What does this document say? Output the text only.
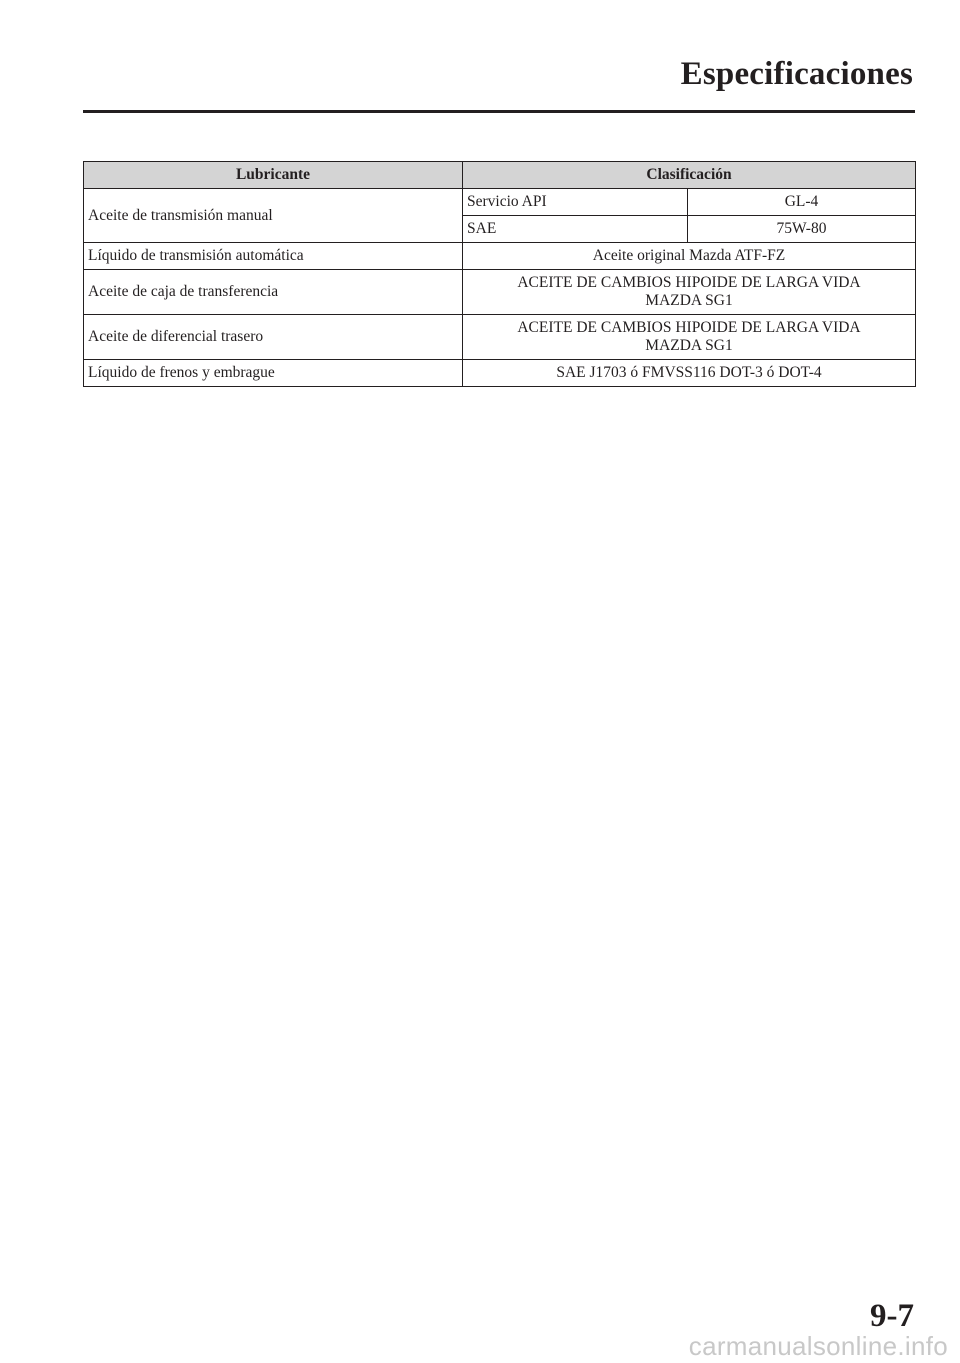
Especificaciones
Lubricante	Clasificación	
Aceite de transmisión manual	Servicio API	GL-4
	SAE	75W-80
Líquido de transmisión automática	Aceite original Mazda ATF-FZ	
Aceite de caja de transferencia	ACEITE DE CAMBIOS HIPOIDE DE LARGA VIDA
MAZDA SG1	
Aceite de diferencial trasero	ACEITE DE CAMBIOS HIPOIDE DE LARGA VIDA
MAZDA SG1	
Líquido de frenos y embrague	SAE J1703 ó FMVSS116 DOT-3 ó DOT-4	
9-7
carmanualsonline.info
